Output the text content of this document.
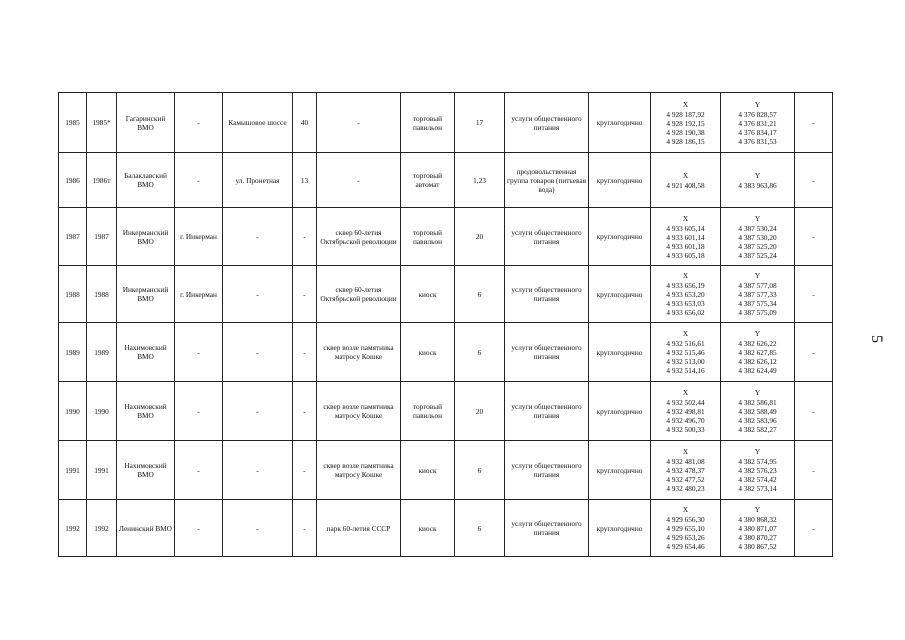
1985	1985*	Гагаринский ВМО	-	Камышовое шоссе	40	-	торговый павильон	17	услуги общественного питания	круглогодично	X
4 928 187,92
4 928 192,15
4 928 190,38
4 928 186,15	Y
4 376 828,57
4 376 831,21
4 376 834,17
4 376 831,53	-
1986	1986т	Балаклавский ВМО	-	ул. Пронетная	13	-	торговый автомат	1,23	продовольственная группа товаров (питьевая вода)	круглогодично	X
4 921 408,58	Y
4 383 963,86	-
1987	1987	Инкерманский ВМО	г. Инкерман	-	-	сквер 60-летия Октябрьской революции	торговый павильон	20	услуги общественного питания	круглогодично	X
4 933 605,14
4 933 601,14
4 933 601,18
4 933 605,18	Y
4 387 530,24
4 387 530,20
4 387 525,20
4 387 525,24	-
1988	1988	Инкерманский ВМО	г. Инкерман	-	-	сквер 60-летия Октябрьской революции	киоск	6	услуги общественного питания	круглогодично	X
4 933 656,19
4 933 653,20
4 933 653,03
4 933 656,02	Y
4 387 577,08
4 387 577,33
4 387 575,34
4 387 575,09	-
1989	1989	Нахимовский ВМО	-	-	-	сквер возле памятника матросу Кошке	киоск	6	услуги общественного питания	круглогодично	X
4 932 516,61
4 932 515,46
4 932 513,00
4 932 514,16	Y
4 382 626,22
4 382 627,85
4 382 626,12
4 382 624,49	-
1990	1990	Нахимовский ВМО	-	-	-	сквер возле памятника матросу Кошке	торговый павильон	20	услуги общественного питания	круглогодично	X
4 932 502,44
4 932 498,81
4 932 496,70
4 932 500,33	Y
4 382 586,81
4 382 588,49
4 382 583,96
4 382 582,27	-
1991	1991	Нахимовский ВМО	-	-	-	сквер возле памятника матросу Кошке	киоск	6	услуги общественного питания	круглогодично	X
4 932 481,08
4 932 478,37
4 932 477,52
4 932 480,23	Y
4 382 574,95
4 382 576,23
4 382 574,42
4 382 573,14	-
1992	1992	Ленинский ВМО	-	-	-	парк 60-летия СССР	киоск	6	услуги общественного питания	круглогодично	X
4 929 656,30
4 929 655,10
4 929 653,26
4 929 654,46	Y
4 380 868,32
4 380 871,07
4 380 870,27
4 380 867,52	-
5
